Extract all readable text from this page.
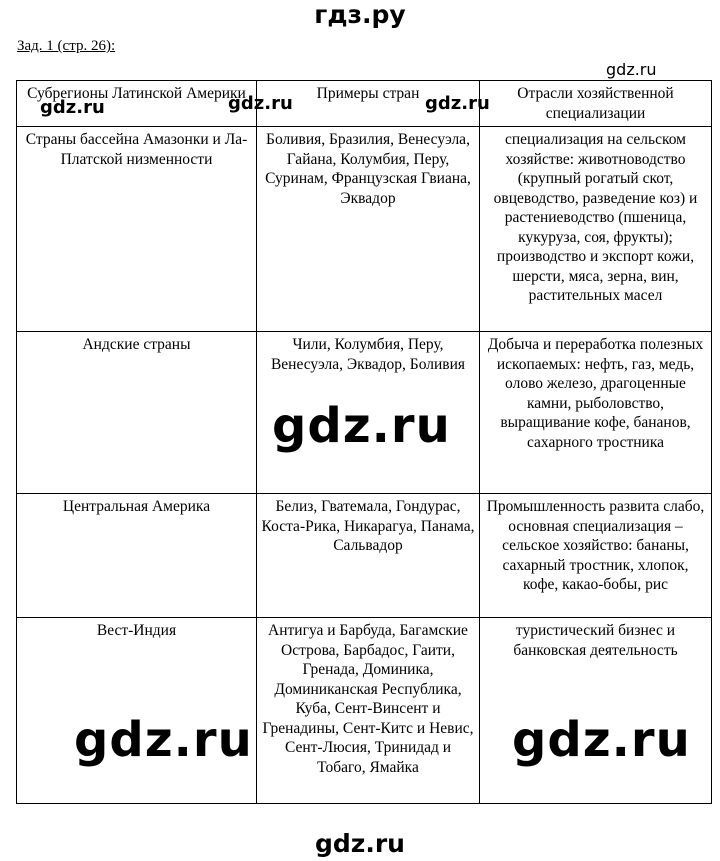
гдз.ру
Зад. 1 (стр. 26):
Субрегионы Латинской Америки	Примеры стран	Отрасли хозяйственной специализации
Страны бассейна Амазонки и Ла-Платской низменности	Боливия, Бразилия, Венесуэла, Гайана, Колумбия, Перу, Суринам, Французская Гвиана, Эквадор	специализация на сельском хозяйстве: животноводство (крупный рогатый скот, овцеводство, разведение коз) и растениеводство (пшеница, кукуруза, соя, фрукты); производство и экспорт кожи, шерсти, мяса, зерна, вин, растительных масел
Андские страны	Чили, Колумбия, Перу, Венесуэла, Эквадор, Боливия	Добыча и переработка полезных ископаемых: нефть, газ, медь, олово железо, драгоценные камни, рыболовство, выращивание кофе, бананов, сахарного тростника
Центральная Америка	Белиз, Гватемала, Гондурас, Коста-Рика, Никарагуа, Панама, Сальвадор	Промышленность развита слабо, основная специализация – сельское хозяйство: бананы, сахарный тростник, хлопок, кофе, какао-бобы, рис
Вест-Индия	Антигуа и Барбуда, Багамские Острова, Барбадос, Гаити, Гренада, Доминика, Доминиканская Республика, Куба, Сент-Винсент и Гренадины, Сент-Китс и Невис, Сент-Люсия, Тринидад и Тобаго, Ямайка	туристический бизнес и банковская деятельность
gdz.ru
gdz.ru	gdz.ru	gdz.ru
gdz.ru
gdz.ru	gdz.ru
gdz.ru
